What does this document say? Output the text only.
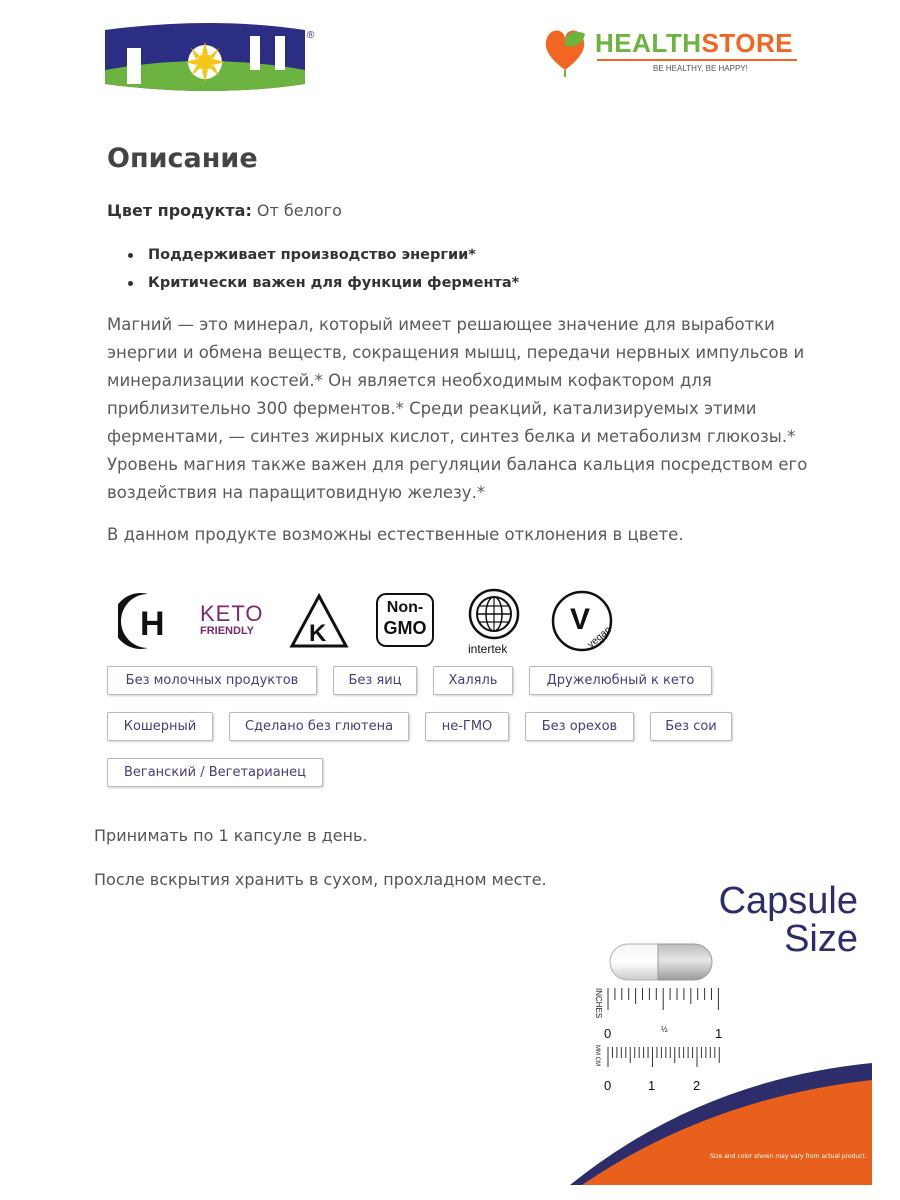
®	HEALTHSTORE
BE HEALTHY, BE HAPPY!
Описание
Цвет продукта: От белого
Поддерживает производство энергии*
Критически важен для функции фермента*

Магний — это минерал, который имеет решающее значение для выработки энергии и обмена веществ, сокращения мышц, передачи нервных импульсов и минерализации костей.* Он является необходимым кофактором для приблизительно 300 ферментов.* Среди реакций, катализируемых этими ферментами, — синтез жирных кислот, синтез белка и метаболизм глюкозы.* Уровень магния также важен для регуляции баланса кальция посредством его воздействия на паращитовидную железу.*

В данном продукте возможны естественные отклонения в цвете.
H KETO
FRIENDLY	K
Non-
GMO
intertek
V
vegan
Без молочных продуктов	Без яиц	Халяль	Дружелюбный к кето
Кошерный	Сделано без глютена	не-ГМО	Без орехов	Без сои
Веганский / Вегетарианец
Принимать по 1 капсуле в день.
После вскрытия хранить в сухом, прохладном месте.
Capsule
Size
INCHES
0	½	1
MM CM
0	1	2
Size and color shown may vary from actual product.
